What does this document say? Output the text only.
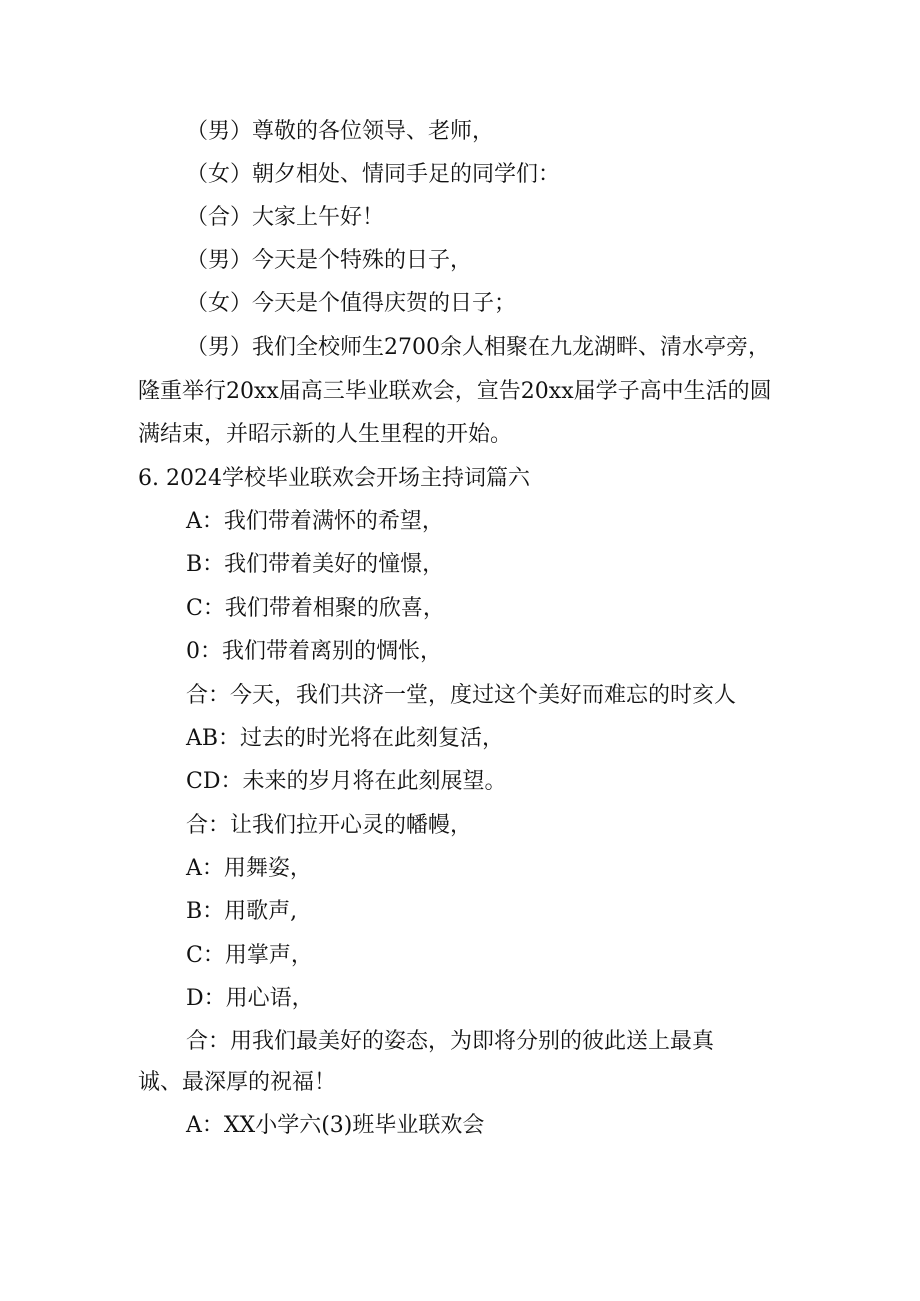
（男）尊敬的各位领导、老师，
（女）朝夕相处、情同手足的同学们：
（合）大家上午好！
（男）今天是个特殊的日子，
（女）今天是个值得庆贺的日子；
（男）我们全校师生2700余人相聚在九龙湖畔、清水亭旁，
隆重举行20xx届高三毕业联欢会，宣告20xx届学子高中生活的圆
满结束，并昭示新的人生里程的开始。
6. 2024学校毕业联欢会开场主持词篇六
A：我们带着满怀的希望，
B：我们带着美好的憧憬，
C：我们带着相聚的欣喜，
0：我们带着离别的惆怅，
合：今天，我们共济一堂，度过这个美好而难忘的时亥人
AB：过去的时光将在此刻复活，
CD：未来的岁月将在此刻展望。
合：让我们拉开心灵的幡幔，
A：用舞姿，
B：用歌声,
C：用掌声，
D：用心语，
合：用我们最美好的姿态，为即将分别的彼此送上最真
诚、最深厚的祝福！
A：XX小学六(3)班毕业联欢会
